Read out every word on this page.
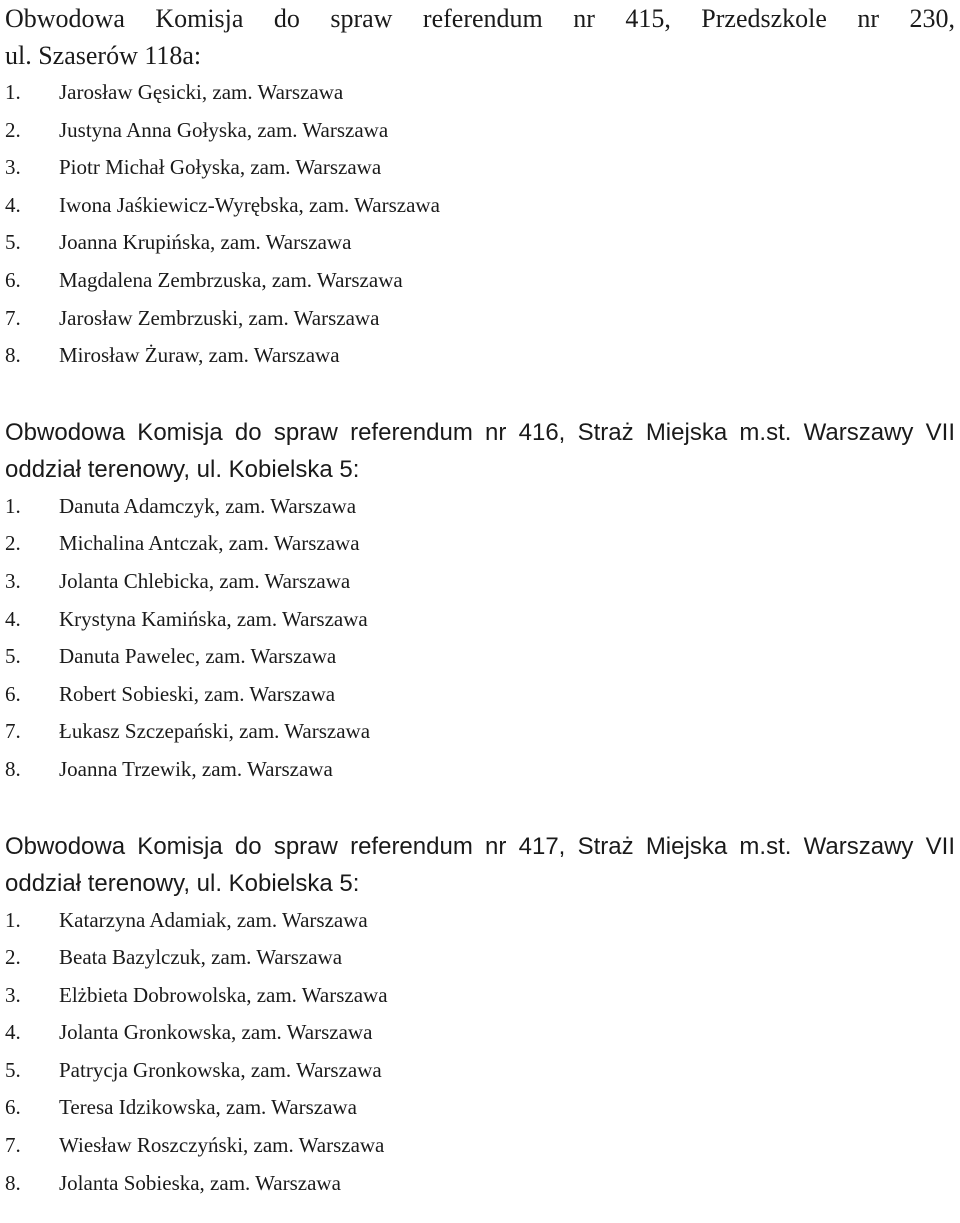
Obwodowa Komisja do spraw referendum nr 415, Przedszkole nr 230,
ul. Szaserów 118a:
1. Jarosław Gęsicki, zam. Warszawa
2. Justyna Anna Gołyska, zam. Warszawa
3. Piotr Michał Gołyska, zam. Warszawa
4. Iwona Jaśkiewicz-Wyrębska, zam. Warszawa
5. Joanna Krupińska, zam. Warszawa
6. Magdalena Zembrzuska, zam. Warszawa
7. Jarosław Zembrzuski, zam. Warszawa
8. Mirosław Żuraw, zam. Warszawa
Obwodowa Komisja do spraw referendum nr 416, Straż Miejska m.st. Warszawy VII
oddział terenowy, ul. Kobielska 5:
1. Danuta Adamczyk, zam. Warszawa
2. Michalina Antczak, zam. Warszawa
3. Jolanta Chlebicka, zam. Warszawa
4. Krystyna Kamińska, zam. Warszawa
5. Danuta Pawelec, zam. Warszawa
6. Robert Sobieski, zam. Warszawa
7. Łukasz Szczepański, zam. Warszawa
8. Joanna Trzewik, zam. Warszawa
Obwodowa Komisja do spraw referendum nr 417, Straż Miejska m.st. Warszawy VII
oddział terenowy, ul. Kobielska 5:
1. Katarzyna Adamiak, zam. Warszawa
2. Beata Bazylczuk, zam. Warszawa
3. Elżbieta Dobrowolska, zam. Warszawa
4. Jolanta Gronkowska, zam. Warszawa
5. Patrycja Gronkowska, zam. Warszawa
6. Teresa Idzikowska, zam. Warszawa
7. Wiesław Roszczyński, zam. Warszawa
8. Jolanta Sobieska, zam. Warszawa
